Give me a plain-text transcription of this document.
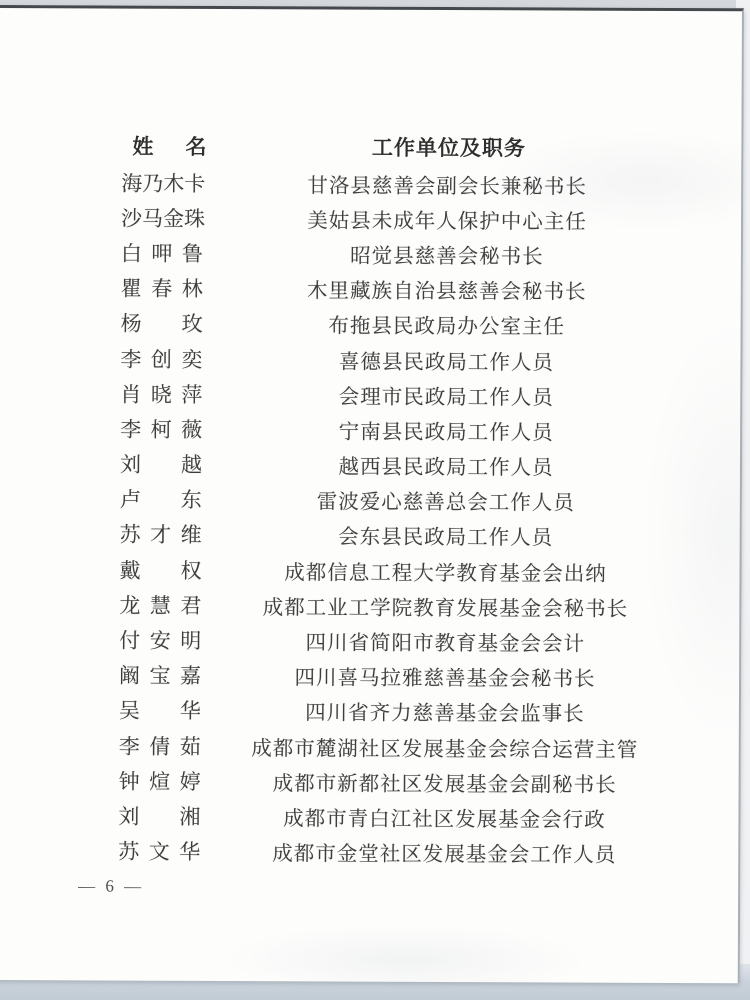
姓名	工作单位及职务
海乃木卡	甘洛县慈善会副会长兼秘书长
沙马金珠	美姑县未成年人保护中心主任
白呷鲁	昭觉县慈善会秘书长
瞿春林	木里藏族自治县慈善会秘书长
杨玫	布拖县民政局办公室主任
李创奕	喜德县民政局工作人员
肖晓萍	会理市民政局工作人员
李柯薇	宁南县民政局工作人员
刘越	越西县民政局工作人员
卢东	雷波爱心慈善总会工作人员
苏才维	会东县民政局工作人员
戴权	成都信息工程大学教育基金会出纳
龙慧君	成都工业工学院教育发展基金会秘书长
付安明	四川省简阳市教育基金会会计
阚宝嘉	四川喜马拉雅慈善基金会秘书长
吴华	四川省齐力慈善基金会监事长
李倩茹	成都市麓湖社区发展基金会综合运营主管
钟煊婷	成都市新都社区发展基金会副秘书长
刘湘	成都市青白江社区发展基金会行政
苏文华	成都市金堂社区发展基金会工作人员
— 6 —
